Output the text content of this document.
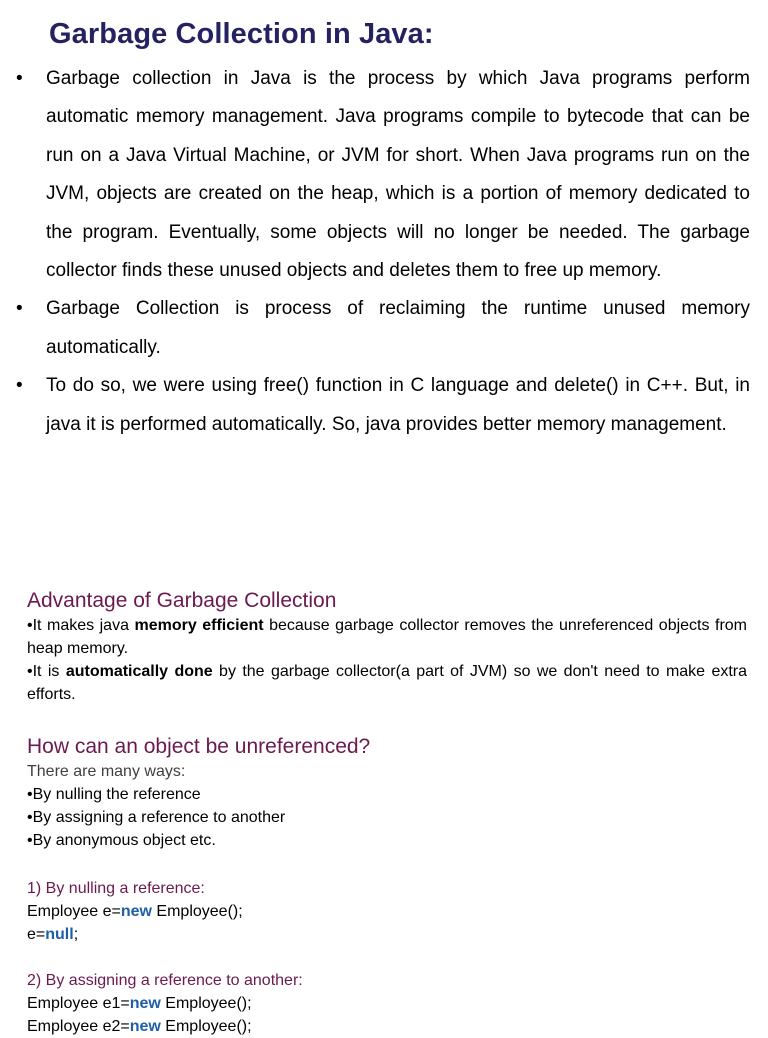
Garbage Collection in Java:
• Garbage collection in Java is the process by which Java programs perform automatic memory management. Java programs compile to bytecode that can be run on a Java Virtual Machine, or JVM for short. When Java programs run on the JVM, objects are created on the heap, which is a portion of memory dedicated to the program. Eventually, some objects will no longer be needed. The garbage collector finds these unused objects and deletes them to free up memory.
• Garbage Collection is process of reclaiming the runtime unused memory automatically.
• To do so, we were using free() function in C language and delete() in C++. But, in java it is performed automatically. So, java provides better memory management.
Advantage of Garbage Collection

•It makes java memory efficient because garbage collector removes the unreferenced objects from heap memory.

•It is automatically done by the garbage collector(a part of JVM) so we don't need to make extra efforts.

How can an object be unreferenced?

There are many ways:

•By nulling the reference

•By assigning a reference to another

•By anonymous object etc.

1) By nulling a reference:

Employee e=new Employee();

e=null;

2) By assigning a reference to another:

Employee e1=new Employee();

Employee e2=new Employee();
